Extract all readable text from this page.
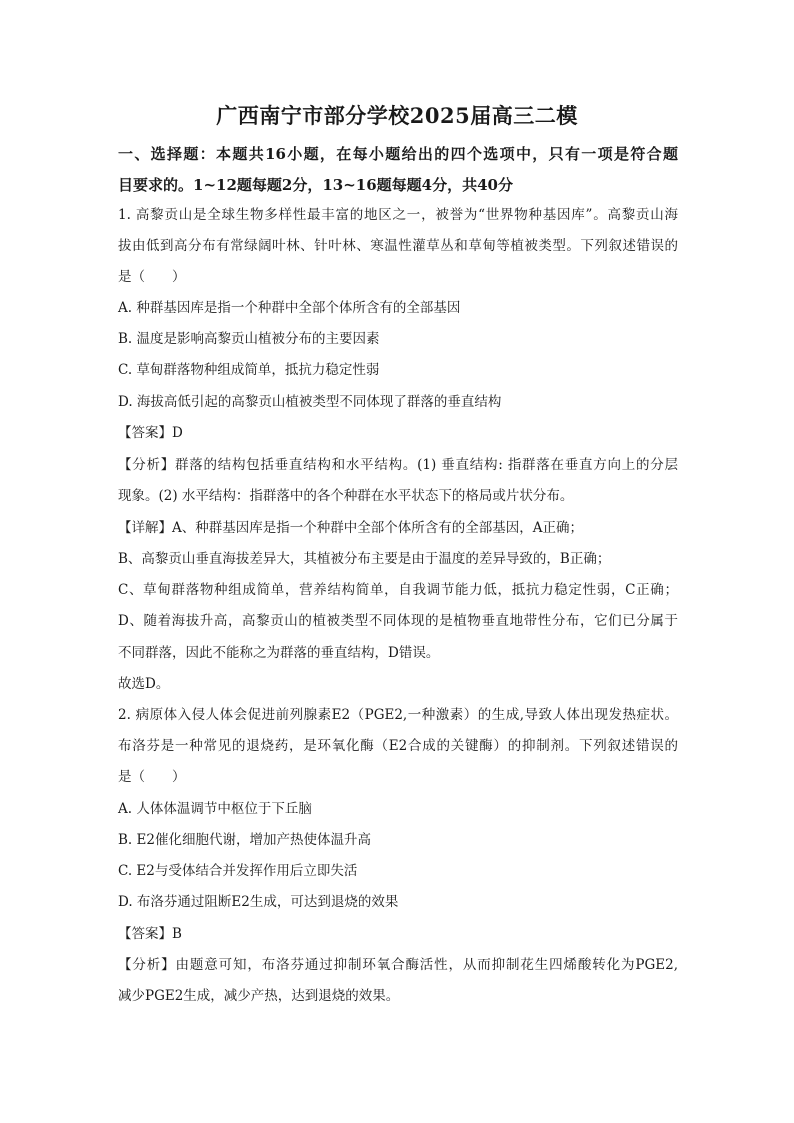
广西南宁市部分学校2025届高三二模
一、选择题：本题共16小题，在每小题给出的四个选项中，只有一项是符合题
目要求的。1~12题每题2分，13~16题每题4分，共40分
1. 高黎贡山是全球生物多样性最丰富的地区之一，被誉为“世界物种基因库”。高黎贡山海
拔由低到高分布有常绿阔叶林、针叶林、寒温性灌草丛和草甸等植被类型。下列叙述错误的
是（　　）
A. 种群基因库是指一个种群中全部个体所含有的全部基因
B. 温度是影响高黎贡山植被分布的主要因素
C. 草甸群落物种组成简单，抵抗力稳定性弱
D. 海拔高低引起的高黎贡山植被类型不同体现了群落的垂直结构
【答案】D
【分析】群落的结构包括垂直结构和水平结构。(1) 垂直结构: 指群落在垂直方向上的分层
现象。(2) 水平结构：指群落中的各个种群在水平状态下的格局或片状分布。
【详解】A、种群基因库是指一个种群中全部个体所含有的全部基因，A正确；
B、高黎贡山垂直海拔差异大，其植被分布主要是由于温度的差异导致的，B正确；
C、草甸群落物种组成简单，营养结构简单，自我调节能力低，抵抗力稳定性弱，C正确；
D、随着海拔升高，高黎贡山的植被类型不同体现的是植物垂直地带性分布，它们已分属于
不同群落，因此不能称之为群落的垂直结构，D错误。
故选D。
2. 病原体入侵人体会促进前列腺素E2（PGE2,一种激素）的生成,导致人体出现发热症状。
布洛芬是一种常见的退烧药，是环氧化酶（E2合成的关键酶）的抑制剂。下列叙述错误的
是（　　）
A. 人体体温调节中枢位于下丘脑
B. E2催化细胞代谢，增加产热使体温升高
C. E2与受体结合并发挥作用后立即失活
D. 布洛芬通过阻断E2生成，可达到退烧的效果
【答案】B
【分析】由题意可知，布洛芬通过抑制环氧合酶活性，从而抑制花生四烯酸转化为PGE2,
减少PGE2生成，减少产热，达到退烧的效果。
